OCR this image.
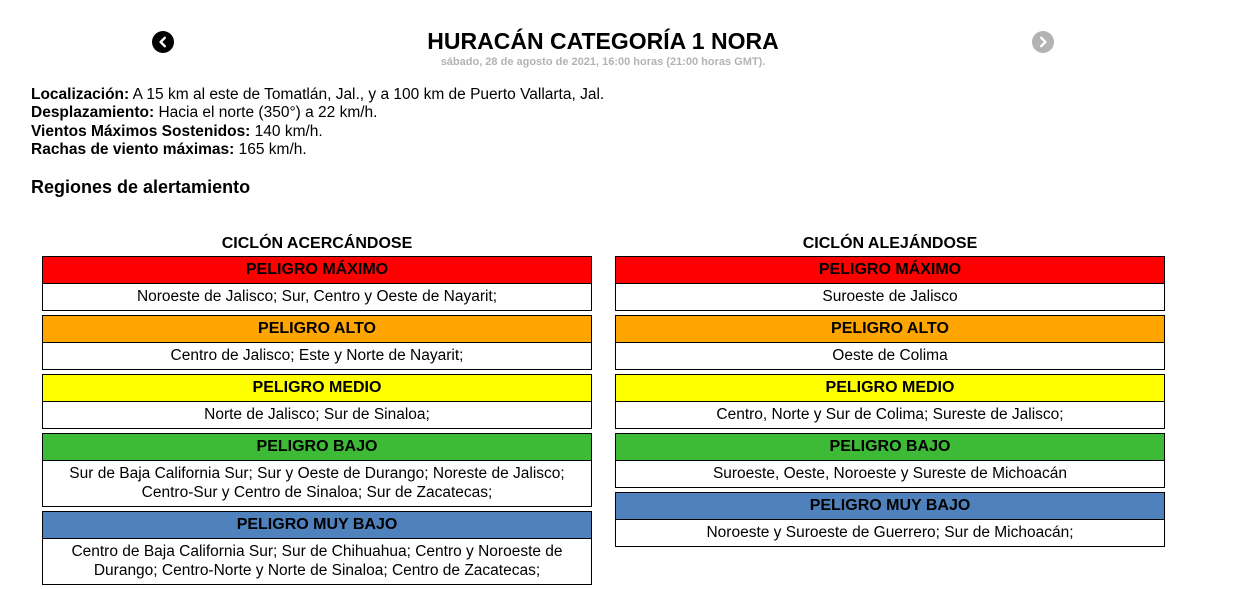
HURACÁN CATEGORÍA 1 NORA
sábado, 28 de agosto de 2021, 16:00 horas (21:00 horas GMT).
Localización: A 15 km al este de Tomatlán, Jal., y a 100 km de Puerto Vallarta, Jal.
Desplazamiento: Hacia el norte (350°) a 22 km/h.
Vientos Máximos Sostenidos: 140 km/h.
Rachas de viento máximas: 165 km/h.
Regiones de alertamiento
CICLÓN ACERCÁNDOSE
PELIGRO MÁXIMO
Noroeste de Jalisco; Sur, Centro y Oeste de Nayarit;
PELIGRO ALTO
Centro de Jalisco; Este y Norte de Nayarit;
PELIGRO MEDIO
Norte de Jalisco; Sur de Sinaloa;
PELIGRO BAJO
Sur de Baja California Sur; Sur y Oeste de Durango; Noreste de Jalisco; Centro-Sur y Centro de Sinaloa; Sur de Zacatecas;
PELIGRO MUY BAJO
Centro de Baja California Sur; Sur de Chihuahua; Centro y Noroeste de Durango; Centro-Norte y Norte de Sinaloa; Centro de Zacatecas;
CICLÓN ALEJÁNDOSE
PELIGRO MÁXIMO
Suroeste de Jalisco
PELIGRO ALTO
Oeste de Colima
PELIGRO MEDIO
Centro, Norte y Sur de Colima; Sureste de Jalisco;
PELIGRO BAJO
Suroeste, Oeste, Noroeste y Sureste de Michoacán
PELIGRO MUY BAJO
Noroeste y Suroeste de Guerrero; Sur de Michoacán;
